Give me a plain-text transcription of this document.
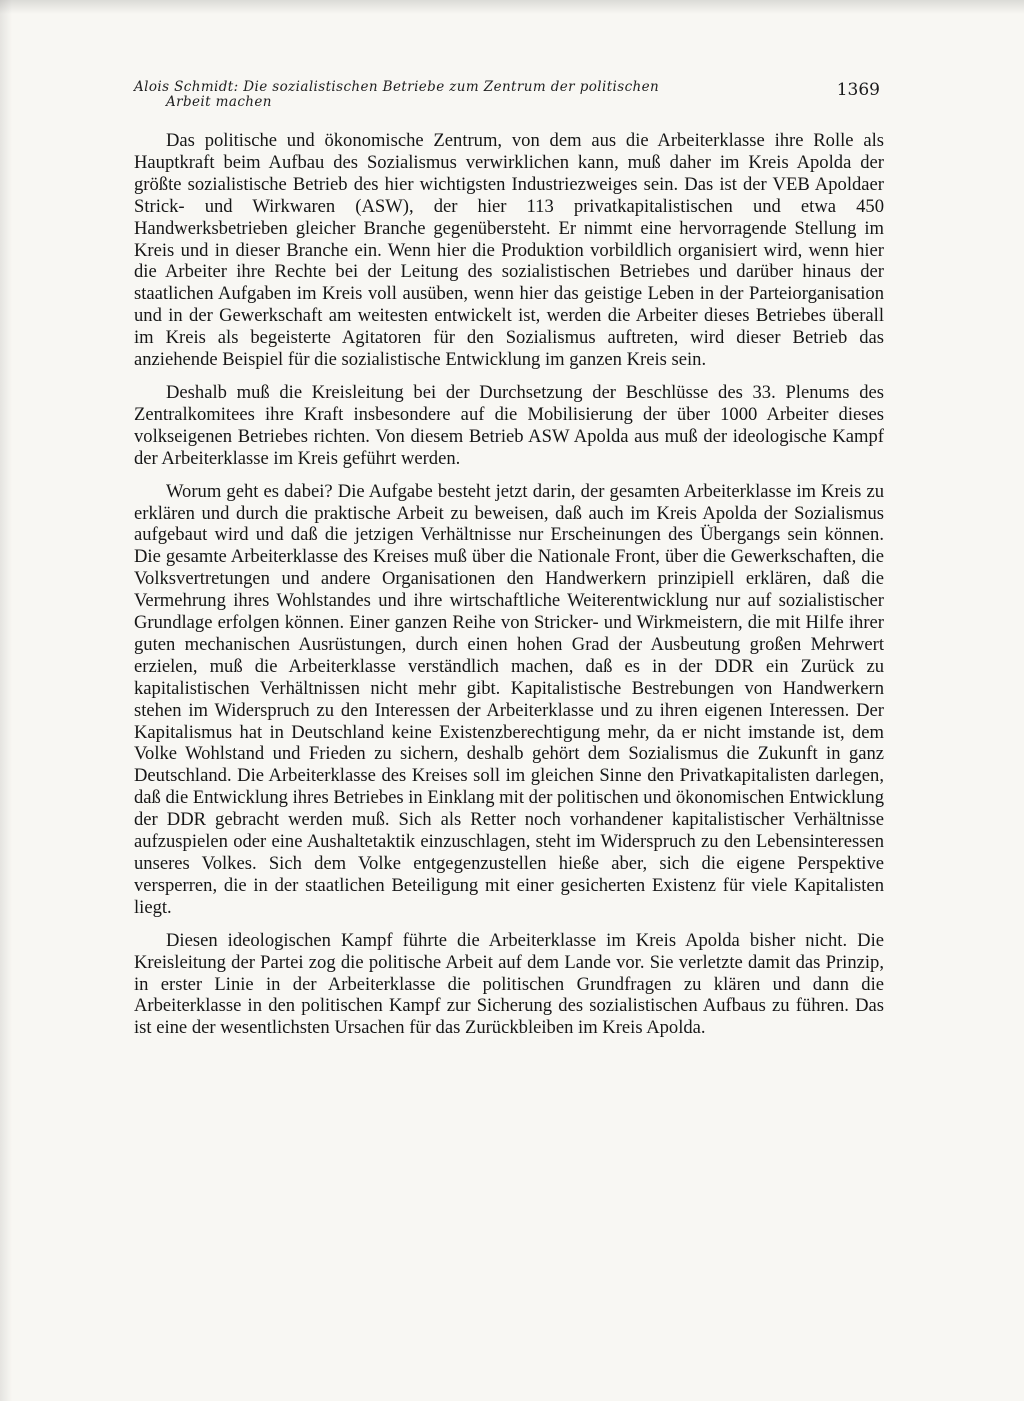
Alois Schmidt: Die sozialistischen Betriebe zum Zentrum der politischen
Arbeit machen
1369

Das politische und ökonomische Zentrum, von dem aus die Arbeiterklasse ihre Rolle als Hauptkraft beim Aufbau des Sozialismus verwirklichen kann, muß daher im Kreis Apolda der größte sozialistische Betrieb des hier wichtigsten Industriezweiges sein. Das ist der VEB Apoldaer Strick- und Wirkwaren (ASW), der hier 113 privatkapitalistischen und etwa 450 Handwerksbetrieben gleicher Branche gegenübersteht. Er nimmt eine hervorragende Stellung im Kreis und in dieser Branche ein. Wenn hier die Produktion vorbildlich organisiert wird, wenn hier die Arbeiter ihre Rechte bei der Leitung des sozialistischen Betriebes und darüber hinaus der staatlichen Aufgaben im Kreis voll ausüben, wenn hier das geistige Leben in der Parteiorganisation und in der Gewerkschaft am weitesten entwickelt ist, werden die Arbeiter dieses Betriebes überall im Kreis als begeisterte Agitatoren für den Sozialismus auftreten, wird dieser Betrieb das anziehende Beispiel für die sozialistische Entwicklung im ganzen Kreis sein.

Deshalb muß die Kreisleitung bei der Durchsetzung der Beschlüsse des 33. Plenums des Zentralkomitees ihre Kraft insbesondere auf die Mobilisierung der über 1000 Arbeiter dieses volkseigenen Betriebes richten. Von diesem Betrieb ASW Apolda aus muß der ideologische Kampf der Arbeiterklasse im Kreis geführt werden.

Worum geht es dabei? Die Aufgabe besteht jetzt darin, der gesamten Arbeiterklasse im Kreis zu erklären und durch die praktische Arbeit zu beweisen, daß auch im Kreis Apolda der Sozialismus aufgebaut wird und daß die jetzigen Verhältnisse nur Erscheinungen des Übergangs sein können. Die gesamte Arbeiterklasse des Kreises muß über die Nationale Front, über die Gewerkschaften, die Volksvertretungen und andere Organisationen den Handwerkern prinzipiell erklären, daß die Vermehrung ihres Wohlstandes und ihre wirtschaftliche Weiterentwicklung nur auf sozialistischer Grundlage erfolgen können. Einer ganzen Reihe von Stricker- und Wirkmeistern, die mit Hilfe ihrer guten mechanischen Ausrüstungen, durch einen hohen Grad der Ausbeutung großen Mehrwert erzielen, muß die Arbeiterklasse verständlich machen, daß es in der DDR ein Zurück zu kapitalistischen Verhältnissen nicht mehr gibt. Kapitalistische Bestrebungen von Handwerkern stehen im Widerspruch zu den Interessen der Arbeiterklasse und zu ihren eigenen Interessen. Der Kapitalismus hat in Deutschland keine Existenzberechtigung mehr, da er nicht imstande ist, dem Volke Wohlstand und Frieden zu sichern, deshalb gehört dem Sozialismus die Zukunft in ganz Deutschland. Die Arbeiterklasse des Kreises soll im gleichen Sinne den Privatkapitalisten darlegen, daß die Entwicklung ihres Betriebes in Einklang mit der politischen und ökonomischen Entwicklung der DDR gebracht werden muß. Sich als Retter noch vorhandener kapitalistischer Verhältnisse aufzuspielen oder eine Aushaltetaktik einzuschlagen, steht im Widerspruch zu den Lebensinteressen unseres Volkes. Sich dem Volke entgegenzustellen hieße aber, sich die eigene Perspektive versperren, die in der staatlichen Beteiligung mit einer gesicherten Existenz für viele Kapitalisten liegt.

Diesen ideologischen Kampf führte die Arbeiterklasse im Kreis Apolda bisher nicht. Die Kreisleitung der Partei zog die politische Arbeit auf dem Lande vor. Sie verletzte damit das Prinzip, in erster Linie in der Arbeiterklasse die politischen Grundfragen zu klären und dann die Arbeiterklasse in den politischen Kampf zur Sicherung des sozialistischen Aufbaus zu führen. Das ist eine der wesentlichsten Ursachen für das Zurückbleiben im Kreis Apolda.
